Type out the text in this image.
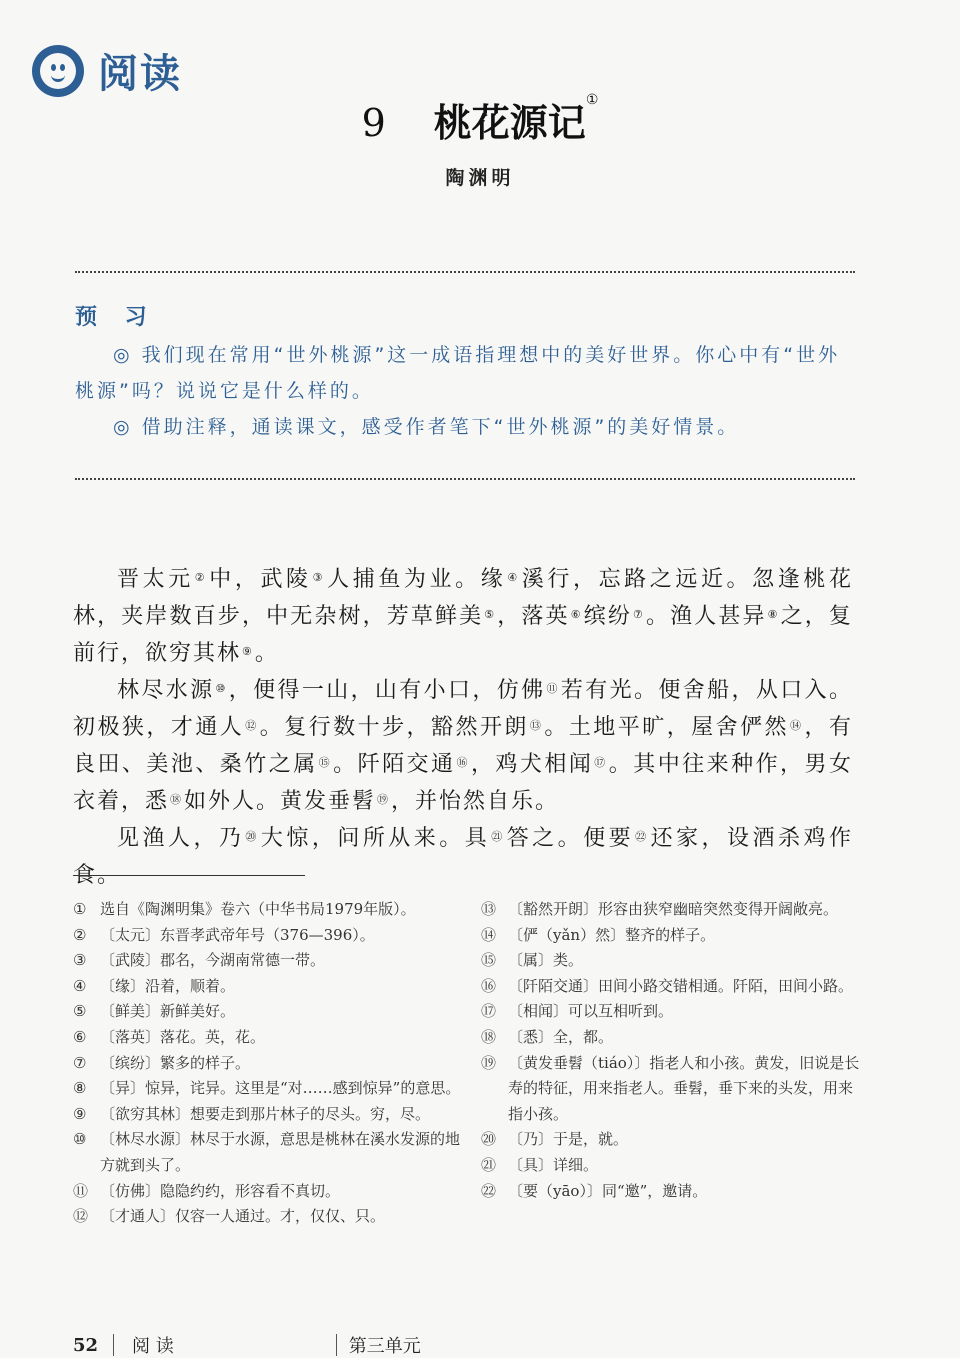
阅读
9 桃花源记①
陶渊明
预 习

◎ 我们现在常用“世外桃源”这一成语指理想中的美好世界。你心中有“世外桃源”吗？说说它是什么样的。

◎ 借助注释，通读课文，感受作者笔下“世外桃源”的美好情景。

晋太元②中，武陵③人捕鱼为业。缘④溪行，忘路之远近。忽逢桃花林，夹岸数百步，中无杂树，芳草鲜美⑤，落英⑥缤纷⑦。渔人甚异⑧之，复前行，欲穷其林⑨。

林尽水源⑩，便得一山，山有小口，仿佛⑪若有光。便舍船，从口入。初极狭，才通人⑫。复行数十步，豁然开朗⑬。土地平旷，屋舍俨然⑭，有良田、美池、桑竹之属⑮。阡陌交通⑯，鸡犬相闻⑰。其中往来种作，男女衣着，悉⑱如外人。黄发垂髫⑲，并怡然自乐。

见渔人，乃⑳大惊，问所从来。具$^㉑$答之。便要$^㉒$还家，设酒杀鸡作食。

① 选自《陶渊明集》卷六（中华书局1979年版）。
② 〔太元〕东晋孝武帝年号（376—396）。
③ 〔武陵〕郡名，今湖南常德一带。
④ 〔缘〕沿着，顺着。
⑤ 〔鲜美〕新鲜美好。
⑥ 〔落英〕落花。英，花。
⑦ 〔缤纷〕繁多的样子。
⑧ 〔异〕惊异，诧异。这里是“对……感到惊异”的意思。
⑨ 〔欲穷其林〕想要走到那片林子的尽头。穷，尽。
⑩ 〔林尽水源〕林尽于水源，意思是桃林在溪水发源的地方就到头了。
⑪ 〔仿佛〕隐隐约约，形容看不真切。
⑫ 〔才通人〕仅容一人通过。才，仅仅、只。
⑬ 〔豁然开朗〕形容由狭窄幽暗突然变得开阔敞亮。
⑭ 〔俨（yǎn）然〕整齐的样子。
⑮ 〔属〕类。
⑯ 〔阡陌交通〕田间小路交错相通。阡陌，田间小路。
⑰ 〔相闻〕可以互相听到。
⑱ 〔悉〕全，都。
⑲ 〔黄发垂髫（tiáo）〕指老人和小孩。黄发，旧说是长寿的特征，用来指老人。垂髫，垂下来的头发，用来指小孩。
⑳ 〔乃〕于是，就。
㉑ 〔具〕详细。
㉒ 〔要（yāo）〕同“邀”，邀请。
52	阅 读	第三单元
